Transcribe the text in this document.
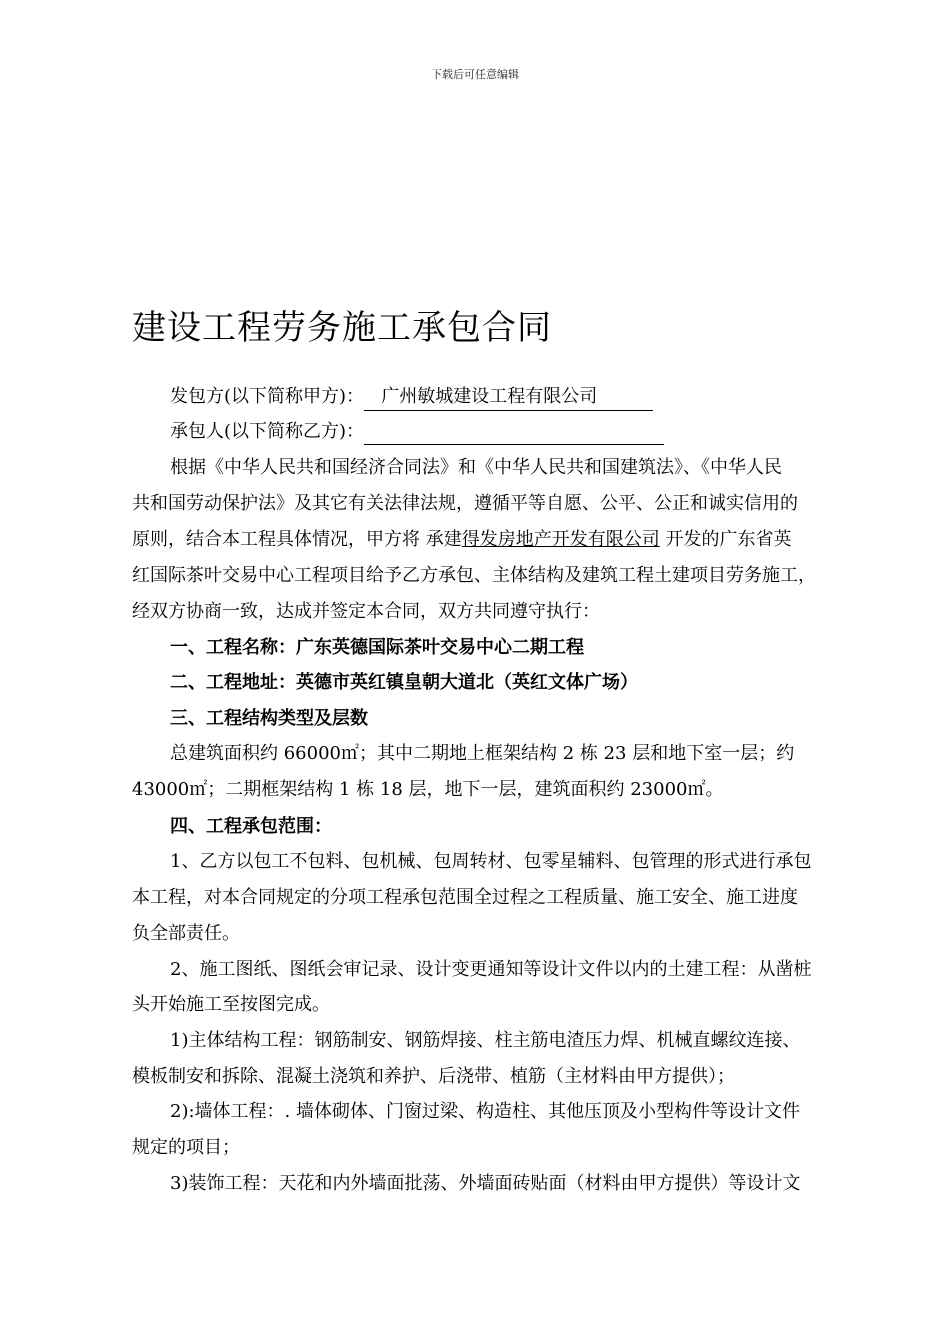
下载后可任意编辑
建设工程劳务施工承包合同
发包方(以下简称甲方)： 广州敏城建设工程有限公司
承包人(以下简称乙方)：
根据《中华人民共和国经济合同法》和《中华人民共和国建筑法》、《中华人民
共和国劳动保护法》及其它有关法律法规，遵循平等自愿、公平、公正和诚实信用的
原则，结合本工程具体情况，甲方将 承建得发房地产开发有限公司 开发的广东省英
红国际茶叶交易中心工程项目给予乙方承包、主体结构及建筑工程土建项目劳务施工，
经双方协商一致，达成并签定本合同，双方共同遵守执行：
一、工程名称：广东英德国际茶叶交易中心二期工程
二、工程地址：英德市英红镇皇朝大道北（英红文体广场）
三、工程结构类型及层数
总建筑面积约 66000㎡；其中二期地上框架结构 2 栋 23 层和地下室一层；约
43000㎡；二期框架结构 1 栋 18 层，地下一层，建筑面积约 23000㎡。
四、工程承包范围：
1、乙方以包工不包料、包机械、包周转材、包零星辅料、包管理的形式进行承包
本工程，对本合同规定的分项工程承包范围全过程之工程质量、施工安全、施工进度
负全部责任。
2、施工图纸、图纸会审记录、设计变更通知等设计文件以内的土建工程：从凿桩
头开始施工至按图完成。
1)主体结构工程：钢筋制安、钢筋焊接、柱主筋电渣压力焊、机械直螺纹连接、
模板制安和拆除、混凝土浇筑和养护、后浇带、植筋（主材料由甲方提供）；
2):墙体工程：. 墙体砌体、门窗过梁、构造柱、其他压顶及小型构件等设计文件
规定的项目；
3)装饰工程：天花和内外墙面批荡、外墙面砖贴面（材料由甲方提供）等设计文
